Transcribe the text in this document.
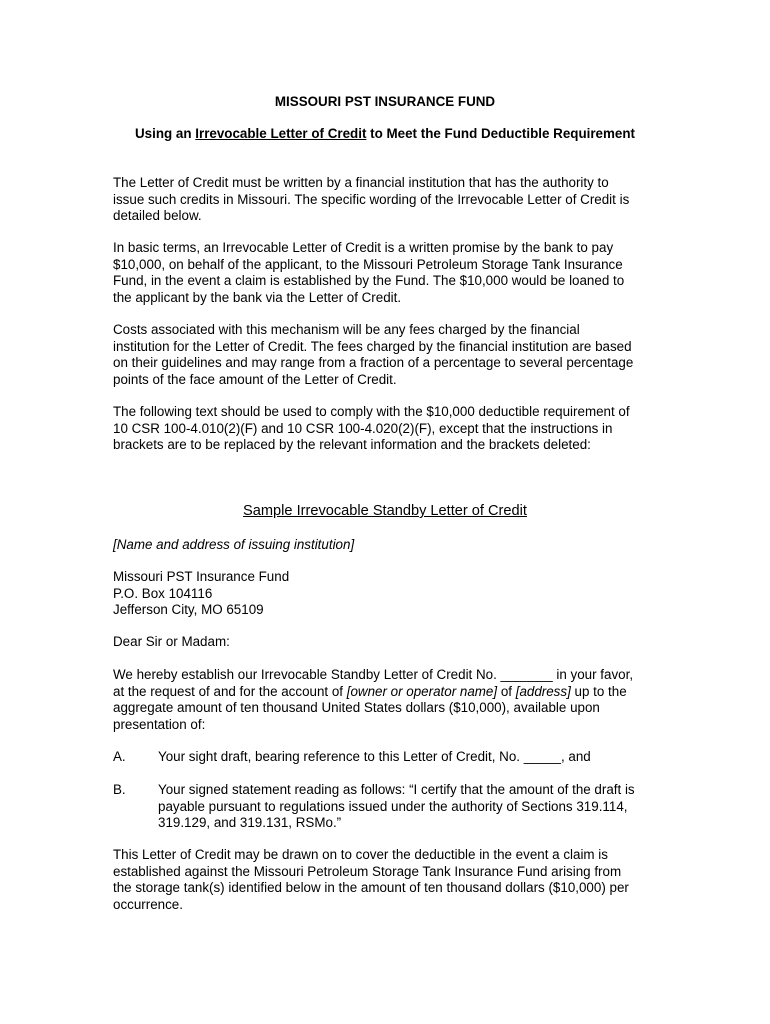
MISSOURI PST INSURANCE FUND

Using an Irrevocable Letter of Credit to Meet the Fund Deductible Requirement

The Letter of Credit must be written by a financial institution that has the authority to
issue such credits in Missouri. The specific wording of the Irrevocable Letter of Credit is
detailed below.
In basic terms, an Irrevocable Letter of Credit is a written promise by the bank to pay
$10,000, on behalf of the applicant, to the Missouri Petroleum Storage Tank Insurance
Fund, in the event a claim is established by the Fund. The $10,000 would be loaned to
the applicant by the bank via the Letter of Credit.
Costs associated with this mechanism will be any fees charged by the financial
institution for the Letter of Credit. The fees charged by the financial institution are based
on their guidelines and may range from a fraction of a percentage to several percentage
points of the face amount of the Letter of Credit.
The following text should be used to comply with the $10,000 deductible requirement of
10 CSR 100-4.010(2)(F) and 10 CSR 100-4.020(2)(F), except that the instructions in
brackets are to be replaced by the relevant information and the brackets deleted:

Sample Irrevocable Standby Letter of Credit

[Name and address of issuing institution]

Missouri PST Insurance Fund
P.O. Box 104116
Jefferson City, MO 65109

Dear Sir or Madam:

We hereby establish our Irrevocable Standby Letter of Credit No. _______ in your favor,
at the request of and for the account of [owner or operator name] of [address] up to the
aggregate amount of ten thousand United States dollars ($10,000), available upon
presentation of:

A. Your sight draft, bearing reference to this Letter of Credit, No. _____, and

B. Your signed statement reading as follows: “I certify that the amount of the draft is
payable pursuant to regulations issued under the authority of Sections 319.114,
319.129, and 319.131, RSMo.”
This Letter of Credit may be drawn on to cover the deductible in the event a claim is
established against the Missouri Petroleum Storage Tank Insurance Fund arising from
the storage tank(s) identified below in the amount of ten thousand dollars ($10,000) per
occurrence.
